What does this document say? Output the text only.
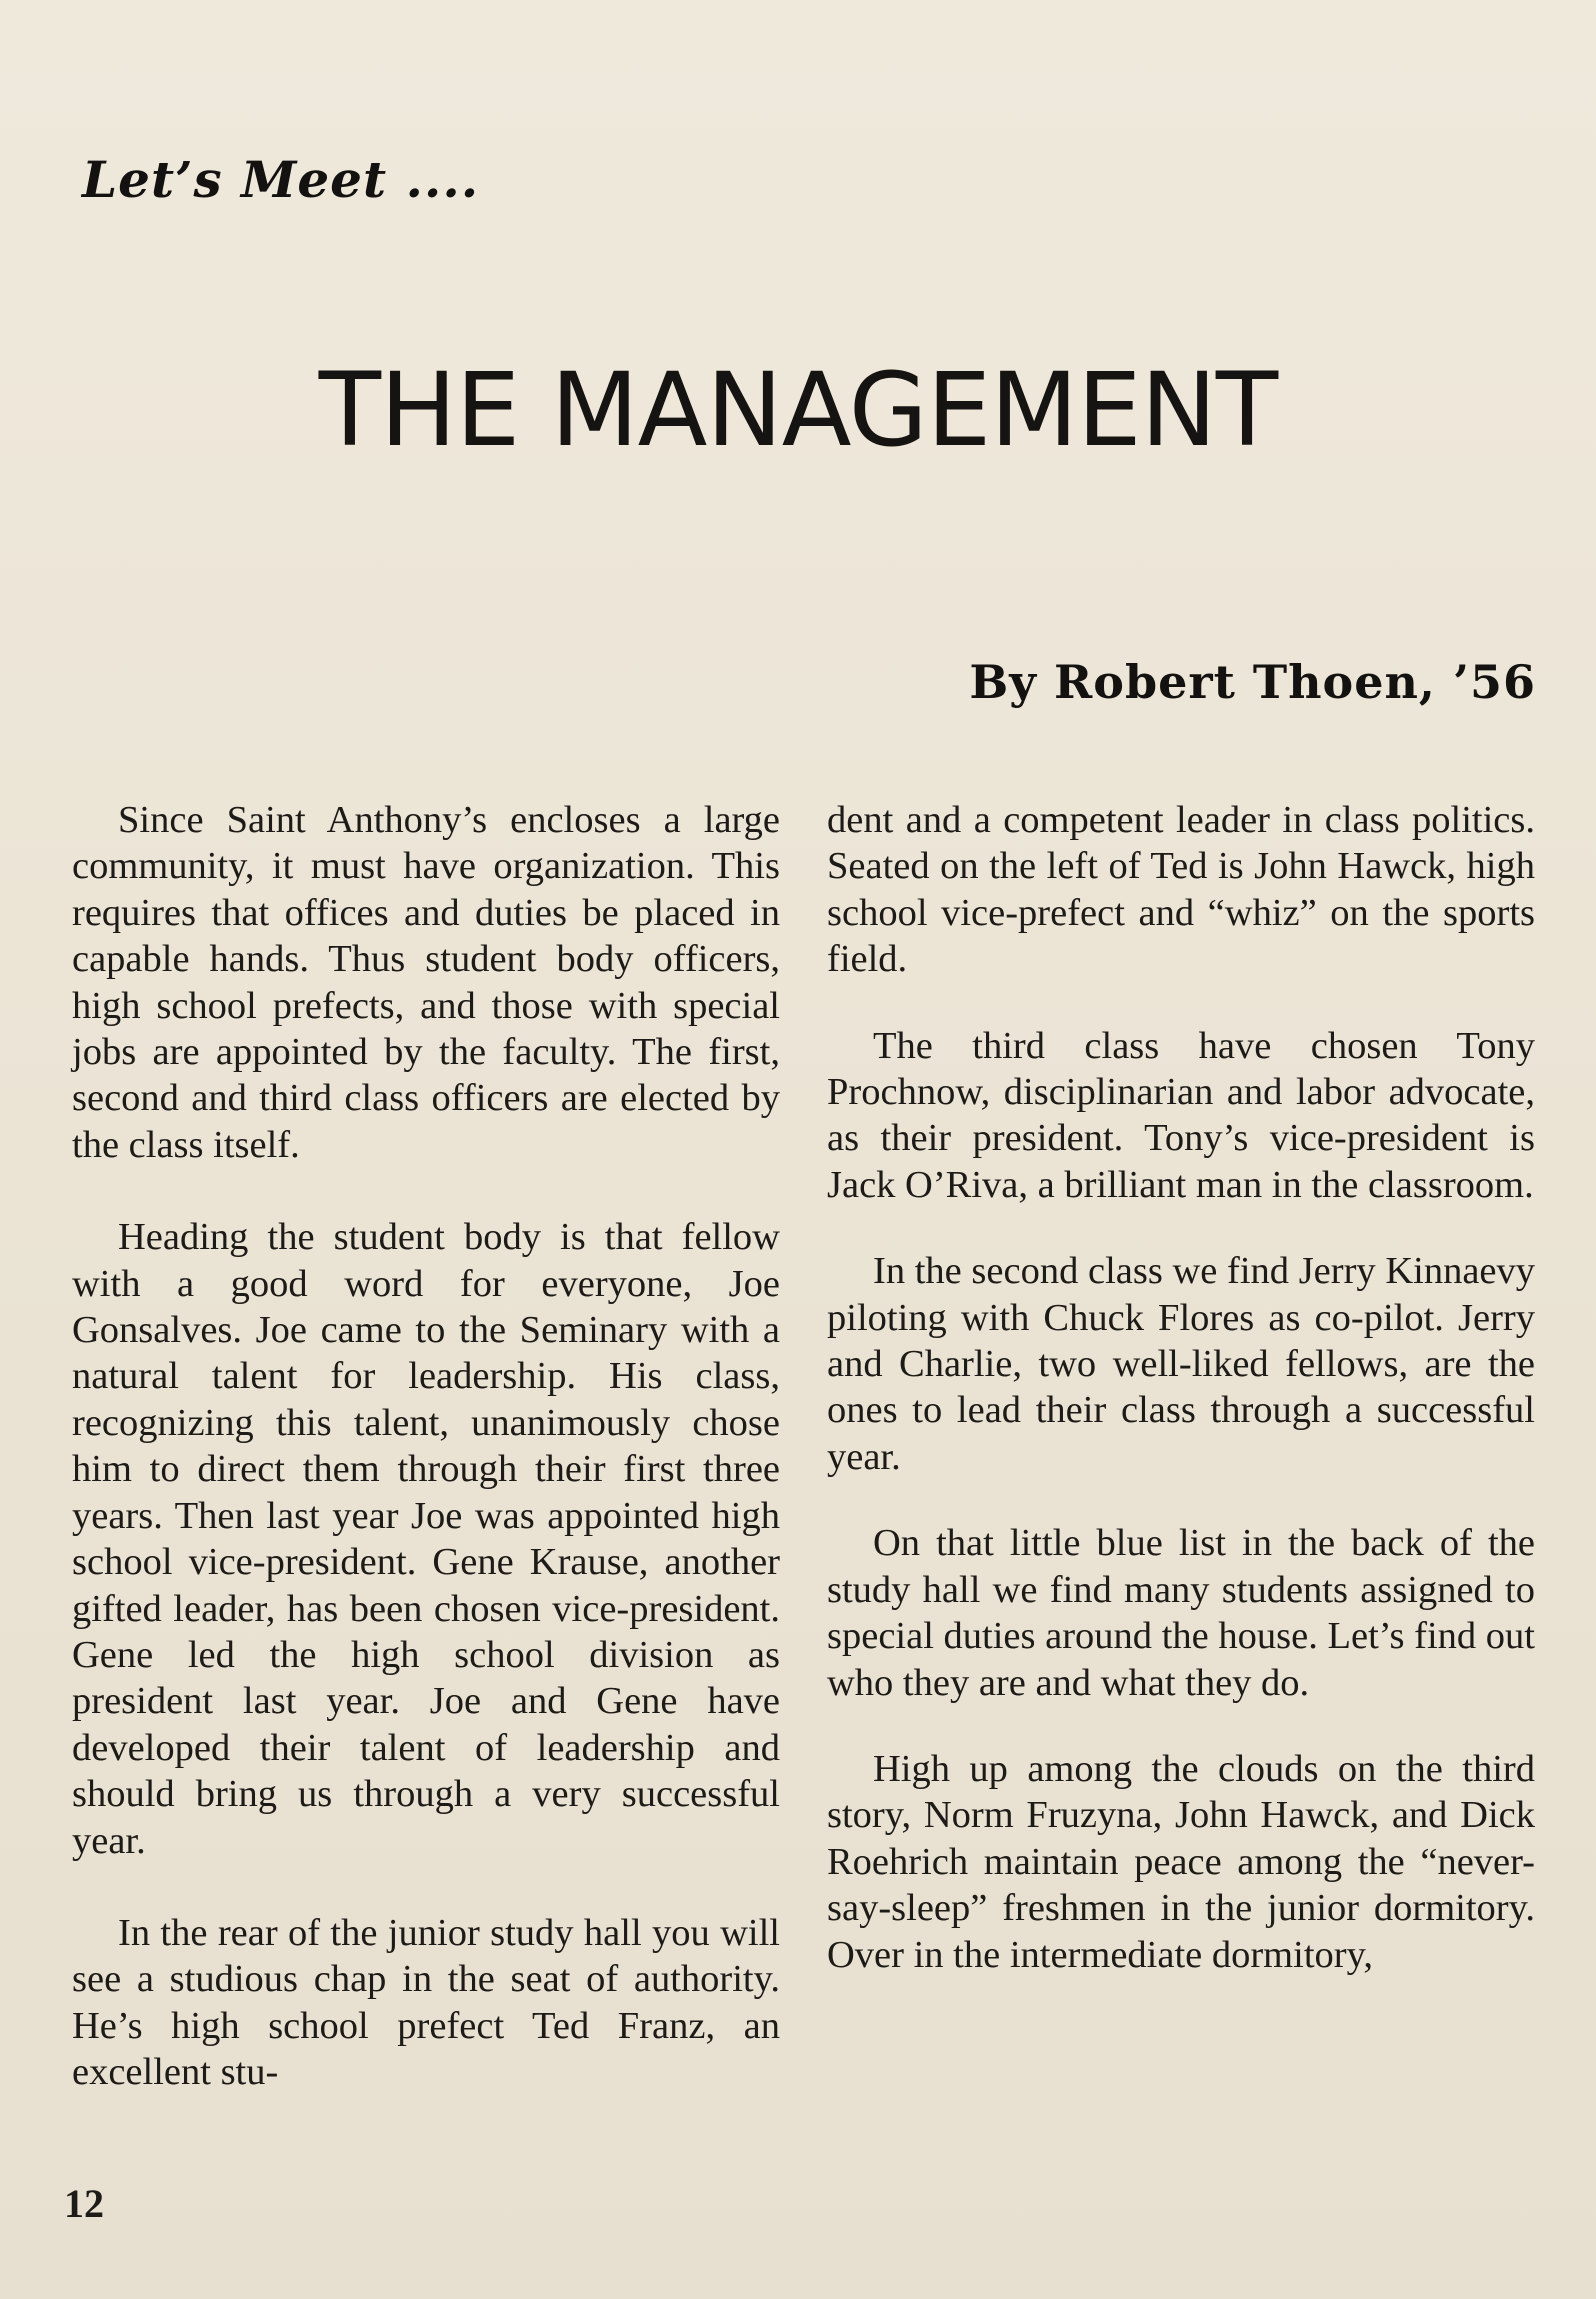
Let’s Meet ....
THE MANAGEMENT
By Robert Thoen, ’56

Since Saint Anthony’s encloses a large community, it must have organization. This requires that offices and duties be placed in capable hands. Thus student body officers, high school prefects, and those with special jobs are appointed by the faculty. The first, second and third class officers are elected by the class itself.

Heading the student body is that fellow with a good word for everyone, Joe Gonsalves. Joe came to the Seminary with a natural talent for leadership. His class, recognizing this talent, unanimously chose him to direct them through their first three years. Then last year Joe was appointed high school vice-president. Gene Krause, another gifted leader, has been chosen vice-president. Gene led the high school division as president last year. Joe and Gene have developed their talent of leadership and should bring us through a very successful year.

In the rear of the junior study hall you will see a studious chap in the seat of authority. He’s high school prefect Ted Franz, an excellent stu-

dent and a competent leader in class politics. Seated on the left of Ted is John Hawck, high school vice-prefect and “whiz” on the sports field.

The third class have chosen Tony Prochnow, disciplinarian and labor advocate, as their president. Tony’s vice-president is Jack O’Riva, a brilliant man in the classroom.

In the second class we find Jerry Kinnaevy piloting with Chuck Flores as co-pilot. Jerry and Charlie, two well-liked fellows, are the ones to lead their class through a successful year.

On that little blue list in the back of the study hall we find many students assigned to special duties around the house. Let’s find out who they are and what they do.

High up among the clouds on the third story, Norm Fruzyna, John Hawck, and Dick Roehrich maintain peace among the “never-say-sleep” freshmen in the junior dormitory. Over in the intermediate dormitory,

12
